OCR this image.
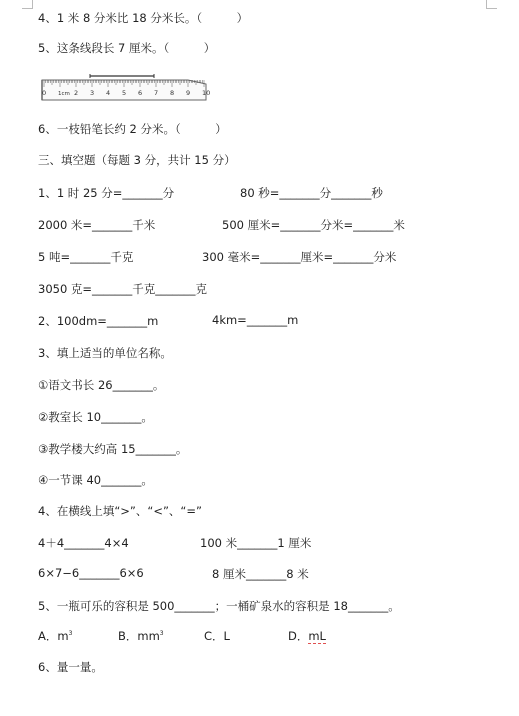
4、1 米 8 分米比 18 分米长。（　　　）
5、这条线段长 7 厘米。（　　　）
0	2 3 4 5 6 7 8 9 10
1cm
6、一枝铅笔长约 2 分米。（　　　）
三、填空题（每题 3 分，共计 15 分）
1、1 时 25 分=_______分	80 秒=_______分_______秒
2000 米=_______千米	500 厘米=_______分米=_______米
5 吨=_______千克	300 毫米=_______厘米=_______分米
3050 克=_______千克_______克
2、100dm=_______m	4km=_______m
3、填上适当的单位名称。
①语文书长 26_______。
②教室长 10_______。
③教学楼大约高 15_______。
④一节课 40_______。
4、在横线上填“>”、“<”、“=”
4＋4_______4×4	100 米_______1 厘米
6×7−6_______6×6	8 厘米_______8 米
5、一瓶可乐的容积是 500_______；一桶矿泉水的容积是 18_______。
A．$m^3$	B．$mm^3$	C．L	D．mL
6、量一量。
